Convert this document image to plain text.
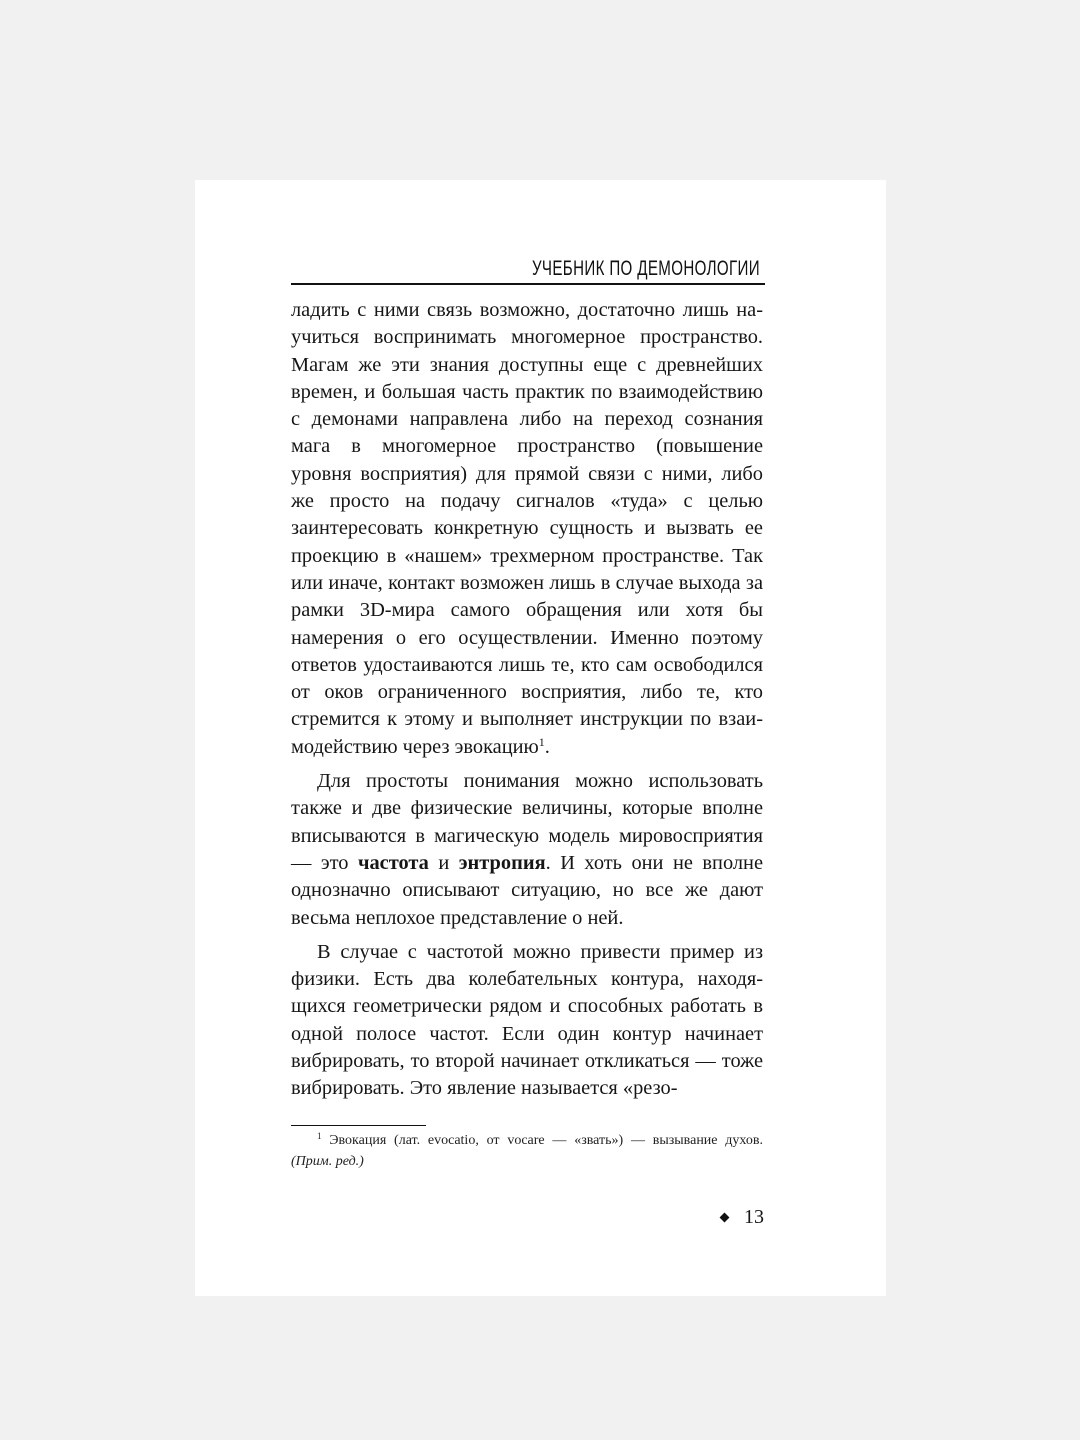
УЧЕБНИК ПО ДЕМОНОЛОГИИ

ладить с ними связь возможно, достаточно лишь научиться воспринимать многомерное пространство. Магам же эти знания доступны еще с древнейших времен, и большая часть практик по взаимодействию с демонами направлена либо на переход сознания мага в многомерное пространство (повышение уровня восприятия) для прямой связи с ними, либо же просто на подачу сигналов «туда» с целью заинтересовать конкретную сущность и вызвать ее проекцию в «нашем» трехмерном пространстве. Так или иначе, контакт возможен лишь в случае выхода за рамки 3D-мира самого обращения или хотя бы намерения о его осуществлении. Именно поэтому ответов удостаиваются лишь те, кто сам освободился от оков ограниченного восприятия, либо те, кто стремится к этому и выполняет инструкции по взаимодействию через эвокацию$^1$.

Для простоты понимания можно использовать также и две физические величины, которые вполне вписываются в магическую модель мировосприятия — это частота и энтропия. И хоть они не вполне однозначно описывают ситуацию, но все же дают весьма неплохое представление о ней.

В случае с частотой можно привести пример из физики. Есть два колебательных контура, находящихся геометрически рядом и способных работать в одной полосе частот. Если один контур начинает вибрировать, то второй начинает откликаться — тоже вибрировать. Это явление называется «резо-

$^1$ Эвокация (лат. evocatio, от vocare — «звать») — вызывание духов. (Прим. ред.)
13
